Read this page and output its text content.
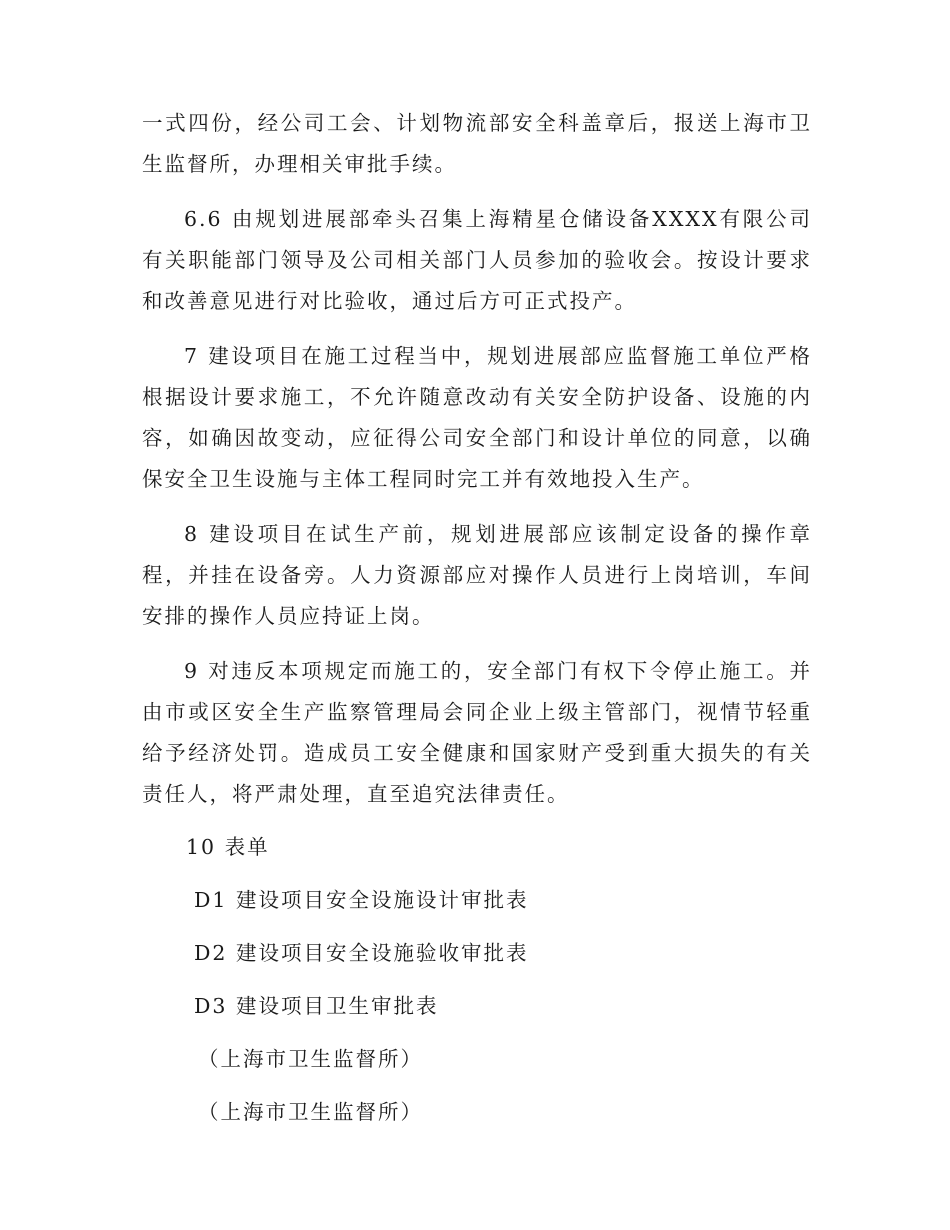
一式四份，经公司工会、计划物流部安全科盖章后，报送上海市卫生监督所，办理相关审批手续。

6.6 由规划进展部牵头召集上海精星仓储设备XXXX有限公司有关职能部门领导及公司相关部门人员参加的验收会。按设计要求和改善意见进行对比验收，通过后方可正式投产。

7 建设项目在施工过程当中，规划进展部应监督施工单位严格根据设计要求施工，不允许随意改动有关安全防护设备、设施的内容，如确因故变动，应征得公司安全部门和设计单位的同意，以确保安全卫生设施与主体工程同时完工并有效地投入生产。

8 建设项目在试生产前，规划进展部应该制定设备的操作章程，并挂在设备旁。人力资源部应对操作人员进行上岗培训，车间安排的操作人员应持证上岗。

9 对违反本项规定而施工的，安全部门有权下令停止施工。并由市或区安全生产监察管理局会同企业上级主管部门，视情节轻重给予经济处罚。造成员工安全健康和国家财产受到重大损失的有关责任人，将严肃处理，直至追究法律责任。

10 表单

D1 建设项目安全设施设计审批表

D2 建设项目安全设施验收审批表

D3 建设项目卫生审批表

（上海市卫生监督所）

（上海市卫生监督所）
